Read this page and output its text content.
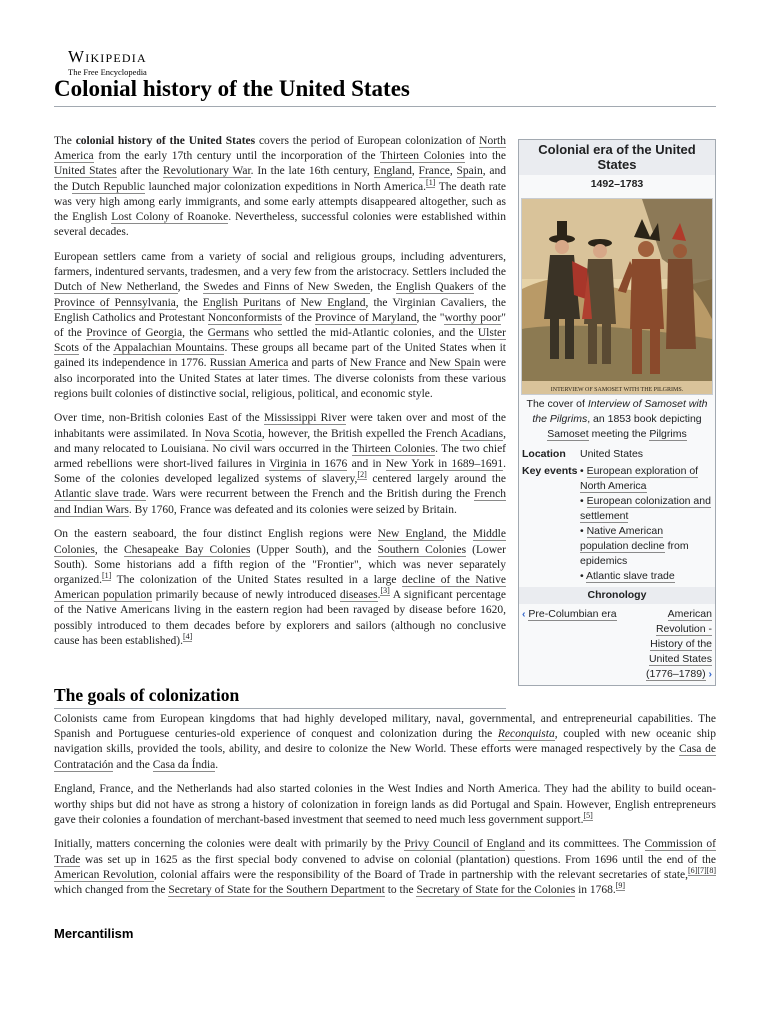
Wikipedia
The Free Encyclopedia
Colonial history of the United States

The colonial history of the United States covers the period of European colonization of North America from the early 17th century until the incorporation of the Thirteen Colonies into the United States after the Revolutionary War. In the late 16th century, England, France, Spain, and the Dutch Republic launched major colonization expeditions in North America.[1] The death rate was very high among early immigrants, and some early attempts disappeared altogether, such as the English Lost Colony of Roanoke. Nevertheless, successful colonies were established within several decades.

European settlers came from a variety of social and religious groups, including adventurers, farmers, indentured servants, tradesmen, and a very few from the aristocracy. Settlers included the Dutch of New Netherland, the Swedes and Finns of New Sweden, the English Quakers of the Province of Pennsylvania, the English Puritans of New England, the Virginian Cavaliers, the English Catholics and Protestant Nonconformists of the Province of Maryland, the "worthy poor" of the Province of Georgia, the Germans who settled the mid-Atlantic colonies, and the Ulster Scots of the Appalachian Mountains. These groups all became part of the United States when it gained its independence in 1776. Russian America and parts of New France and New Spain were also incorporated into the United States at later times. The diverse colonists from these various regions built colonies of distinctive social, religious, political, and economic style.

Over time, non-British colonies East of the Mississippi River were taken over and most of the inhabitants were assimilated. In Nova Scotia, however, the British expelled the French Acadians, and many relocated to Louisiana. No civil wars occurred in the Thirteen Colonies. The two chief armed rebellions were short-lived failures in Virginia in 1676 and in New York in 1689–1691. Some of the colonies developed legalized systems of slavery,[2] centered largely around the Atlantic slave trade. Wars were recurrent between the French and the British during the French and Indian Wars. By 1760, France was defeated and its colonies were seized by Britain.

On the eastern seaboard, the four distinct English regions were New England, the Middle Colonies, the Chesapeake Bay Colonies (Upper South), and the Southern Colonies (Lower South). Some historians add a fifth region of the "Frontier", which was never separately organized.[1] The colonization of the United States resulted in a large decline of the Native American population primarily because of newly introduced diseases.[3] A significant percentage of the Native Americans living in the eastern region had been ravaged by disease before 1620, possibly introduced to them decades before by explorers and sailors (although no conclusive cause has been established).[4]

Colonial era of the United States
1492–1783
INTERVIEW OF SAMOSET WITH THE PILGRIMS.
The cover of Interview of Samoset with the Pilgrims, an 1853 book depicting Samoset meeting the Pilgrims
Location	United States
Key events
• European exploration of North America
• European colonization and settlement
• Native American population decline from epidemics
• Atlantic slave trade
Chronology
‹ Pre-Columbian era	American Revolution - History of the United States (1776–1789) ›
The goals of colonization

Colonists came from European kingdoms that had highly developed military, naval, governmental, and entrepreneurial capabilities. The Spanish and Portuguese centuries-old experience of conquest and colonization during the Reconquista, coupled with new oceanic ship navigation skills, provided the tools, ability, and desire to colonize the New World. These efforts were managed respectively by the Casa de Contratación and the Casa da Índia.

England, France, and the Netherlands had also started colonies in the West Indies and North America. They had the ability to build ocean-worthy ships but did not have as strong a history of colonization in foreign lands as did Portugal and Spain. However, English entrepreneurs gave their colonies a foundation of merchant-based investment that seemed to need much less government support.[5]

Initially, matters concerning the colonies were dealt with primarily by the Privy Council of England and its committees. The Commission of Trade was set up in 1625 as the first special body convened to advise on colonial (plantation) questions. From 1696 until the end of the American Revolution, colonial affairs were the responsibility of the Board of Trade in partnership with the relevant secretaries of state,[6][7][8] which changed from the Secretary of State for the Southern Department to the Secretary of State for the Colonies in 1768.[9]

Mercantilism
